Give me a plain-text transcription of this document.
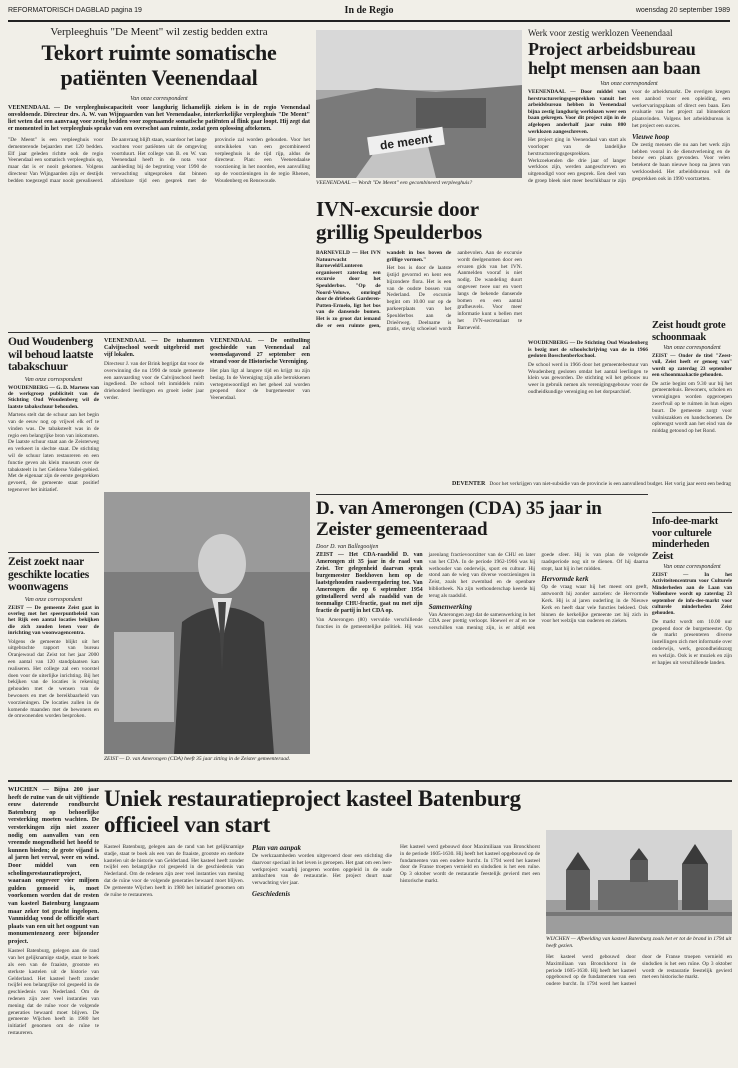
REFORMATORISCH DAGBLAD pagina 19	In de Regio	woensdag 20 september 1989
Verpleeghuis "De Meent" wil zestig bedden extra
Tekort ruimte somatische patiënten Veenendaal
Van onze correspondent
VEENENDAAL — De verpleeghuiscapaciteit voor langdurig lichamelijk zieken is in de regio Veenendaal onvoldoende. Directeur drs. A. W. van Wijngaarden van het Veenendaalse, interkerkelijke verpleeghuis "De Meent" liet weten dat een aanvraag voor zestig bedden voor zogenaamde somatische patiënten al flink gaar loopt. Hij zegt dat er momenteel in het verpleeghuis sprake van een overschot aan ruimte, zodat geen oplossing aftekenen.
"De Meent" is een verpleeghuis voor dementerende bejaarden met 120 bedden. Elf jaar geleden richtte ook de regio Veenendaal een somatisch verpleeghuis op, maar dat is er nooit gekomen. Volgens directeur Van Wijngaarden zijn er destijds bedden toegezegd maar nooit gerealiseerd. De aanvraag blijft staan, waardoor het lange wachten voor patiënten uit de omgeving voortduurt. Het college van B. en W. van Veenendaal heeft in de nota voor aanbieding bij de begroting voor 1990 de verwachting uitgesproken dat binnen afzienbare tijd een gesprek met de provincie zal worden gehouden. Voor het ontwikkelen van een gecombineerd verpleeghuis is de tijd rijp, aldus de directeur. Plan: een Veenendaalse voorziening in het noorden, een aanvulling op de voorzieningen in de regio Rhenen, Woudenberg en Renswoude.
Oud Woudenberg wil behoud laatste tabakschuur
Van onze correspondent
WOUDENBERG — G. D. Martens van de werkgroep publiciteit van de Stichting Oud Woudenberg wil de laatste tabakschuur behouden.
Martens stelt dat de schuur aan het begin van de eeuw nog op vrijwel elk erf te vinden was. De tabaksteelt was in de regio een belangrijke bron van inkomsten. De laatste schuur staat aan de Zeisterweg en verkeert in slechte staat. De stichting wil de schuur laten restaureren en een functie geven als klein museum over de tabaksteelt in het Gelderse Vallei-gebied. Met de eigenaar zijn de eerste gesprekken gevoerd, de gemeente staat positief tegenover het initiatief.
Zeist zoekt naar geschikte locaties woonwagens
Van onze correspondent
ZEIST — De gemeente Zeist gaat in overleg met het speerpuntbeleid van het Rijk een aantal locaties bekijken die zich zouden lenen voor de inrichting van woonwagencentra.
Volgens de gemeente blijkt uit het uitgebrachte rapport van bureau Oranjewoud dat Zeist tot het jaar 2000 een aantal van 120 standplaatsen kan realiseren. Het college zal een voorstel doen voor de uiterlijke inrichting. Bij het bekijken van de locaties is rekening gehouden met de wensen van de bewoners en met de bereikbaarheid van voorzieningen. De locaties zullen in de komende maanden met de bewoners en de omwonenden worden besproken.
VEENENDAAL — De inhammen Calvijnschool wordt uitgebreid met vijf lokalen.
Directeur J. van der Brink begrijpt dat voor de overwinning die nu 1990 de totale gemeente een aanvaarding voor de Calvijnschool heeft ingediend. De school telt inmiddels ruim driehonderd leerlingen en groeit ieder jaar verder.
VEENENDAAL — De onthulling geschiedde van Veenendaal zal woensdagavond 27 september een strand voor de Historische Vereniging.
Het plan ligt al langere tijd en krijgt nu zijn beslag. In de Vereniging zijn alle betrokkenen vertegenwoordigd en het geheel zal worden geopend door de burgemeester van Veenendaal.
ZEIST — D. van Amerongen (CDA) heeft 35 jaar zitting in de Zeister gemeenteraad.
de meent
VEENENDAAL — Wordt "De Meent" een gecombineerd verpleeghuis?
IVN-excursie door grillig Speulderbos
BARNEVELD — Het IVN Natuurwacht Barneveld/Lunteren organiseert zaterdag een excursie door het Speulderbos. "Op de Noord-Veluwe, omringd door de drieboek Garderen-Putten-Ermelo, ligt het bos van de dansende bomen. Het is zo groot dat iemand die er een ruimte geen, wandelt in bos boven de grillige vormen."
Het bos is door de laatste ijstijd gevormd en kent een bijzondere flora. Het is een van de oudste bossen van Nederland. De excursie begint om 10.00 uur op de parkeerplaats van het Speulderbos aan de Drieërweg. Deelname is gratis, stevig schoeisel wordt aanbevolen. Aan de excursie wordt deelgenomen door een ervaren gids van het IVN. Aanmelden vooraf is niet nodig. De wandeling duurt ongeveer twee uur en voert langs de bekende dansende bomen en een aantal grafheuvels. Voor meer informatie kunt u bellen met het IVN-secretariaat te Barneveld.
DEVENTER Door het verkrijgen van niet-subsidie van de provincie is een aanvullend budget. Het vorig jaar eerst een bedrag
Werk voor zestig werklozen Veenendaal
Project arbeidsbureau helpt mensen aan baan
Van onze correspondent
VEENENDAAL — Door middel van herstructureringsgesprekken vanuit het arbeidsbureau hebben in Veenendaal bijna zestig langdurig werklozen weer een baan gekregen. Voor dit project zijn in de afgelopen anderhalf jaar ruim 800 werklozen aangeschreven.
Het project ging in Veenendaal van start als voorloper van de landelijke herstructureringsgesprekken. Werkzoekenden die drie jaar of langer werkloos zijn, werden aangeschreven en uitgenodigd voor een gesprek. Een deel van de groep bleek niet meer beschikbaar te zijn voor de arbeidsmarkt. De overigen kregen een aanbod voor een opleiding, een werkervaringsplaats of direct een baan. Een evaluatie van het project zal binnenkort plaatsvinden. Volgens het arbeidsbureau is het project een succes.
Vieuwe hoop
De zestig mensen die nu aan het werk zijn hebben vooral in de dienstverlening en de bouw een plaats gevonden. Voor velen betekent de baan nieuwe hoop na jaren van werkloosheid. Het arbeidsbureau wil de gesprekken ook in 1990 voortzetten.
WOUDENBERG — De Stichting Oud Woudenberg is bezig met de schoolschrijving van de in 1966 gesloten Bosschenberkschool.
De school werd in 1966 door het gemeentebestuur van Woudenberg gesloten omdat het aantal leerlingen te klein was geworden. De stichting wil het gebouw nu weer in gebruik nemen als verenigingsgebouw voor de oudheidkundige vereniging en het dorpsarchief.
Zeist houdt grote schoonmaak
Van onze correspondent
ZEIST — Onder de titel "Zeest-vuil, Zeist heeft er genoeg van" wordt op zaterdag 23 september een schoonmaakactie gehouden.
De actie begint om 9.30 uur bij het gemeentehuis. Bewoners, scholen en verenigingen worden opgeroepen zwerfvuil op te ruimen in hun eigen buurt. De gemeente zorgt voor vuilniszakken en handschoenen. De opbrengst wordt aan het eind van de middag getoond op het Rond.
Info-dee-markt voor culturele minderheden Zeist
Van onze correspondent
ZEIST — In het Activiteitencentrum voor Culturele Minderheden aan de Laan van Vollenhove wordt op zaterdag 23 september de info-dee-markt voor culturele minderheden Zeist gehouden.
De markt wordt om 10.00 uur geopend door de burgemeester. Op de markt presenteren diverse instellingen zich met informatie over onderwijs, werk, gezondheidszorg en welzijn. Ook is er muziek en zijn er hapjes uit verschillende landen.
D. van Amerongen (CDA) 35 jaar in Zeister gemeenteraad
Door D. van Ballegooijen
ZEIST — Het CDA-raadslid D. van Amerongen zit 35 jaar in de raad van Zeist. Ter gelegenheid daarvan sprak burgemeester Boekhoven hem op de laatstgehouden raadsvergadering toe. Van Amerongen die op 6 september 1954 geïnstalleerd werd als raadslid van de toenmalige CHU-fractie, gaat nu met zijn fractie de partij in het CDA op.
Van Amerongen (80) vervulde verschillende functies in de gemeentelijke politiek. Hij was jarenlang fractievoorzitter van de CHU en later van het CDA. In de periode 1962-1966 was hij wethouder van onderwijs, sport en cultuur. Hij stond aan de wieg van diverse voorzieningen in Zeist, zoals het zwembad en de openbare bibliotheek. Na zijn wethouderschap keerde hij terug als raadslid.
Samenwerking
Van Amerongen zegt dat de samenwerking in het CDA zeer prettig verloopt. Hoewel er af en toe verschillen van mening zijn, is er altijd een goede sfeer. Hij is van plan de volgende raadsperiode nog uit te dienen. Of hij daarna stopt, laat hij in het midden.
Hervormde kerk
Op de vraag waar hij het meest om geeft, antwoordt hij zonder aarzelen: de Hervormde Kerk. Hij is al jaren ouderling in de Nieuwe Kerk en heeft daar vele functies bekleed. Ook binnen de kerkelijke gemeente zet hij zich in voor het welzijn van ouderen en zieken.
WIJCHEN — Bijna 200 jaar heeft de ruïne van de uit vijftiende eeuw daterende rondburcht Batenburg op behoorlijke versterking moeten wachten. De versterkingen zijn niet zozeer nodig om aanvallen van een vreemde mogendheid het hoofd te kunnen bieden; de grote vijand is al jaren het verval, weer en wind. Door middel van een scholingsrestauratieproject, waaraan ongeveer vier miljoen gulden gemoeid is, moet voorkomen worden dat de resten van kasteel Batenburg langzaam maar zeker tot gracht ingelopen. Vanmiddag vond de officiële start plaats van een uit het oogpunt van monumentenzorg zeer bijzonder project.
Kasteel Batenburg, gelegen aan de rand van het gelijknamige stadje, staat te boek als een van de fraaiste, grootste en sterkste kastelen uit de historie van Gelderland. Het kasteel heeft zonder twijfel een belangrijke rol gespeeld in de geschiedenis van Nederland. Om de redenen zijn zeer veel instanties van mening dat de ruïne voor de volgende generaties bewaard moet blijven. De gemeente Wijchen heeft in 1980 het initiatief genomen om de ruïne te restaureren.
Uniek restauratieproject kasteel Batenburg officieel van start
Kasteel Batenburg, gelegen aan de rand van het gelijknamige stadje, staat te boek als een van de fraaiste, grootste en sterkste kastelen uit de historie van Gelderland. Het kasteel heeft zonder twijfel een belangrijke rol gespeeld in de geschiedenis van Nederland. Om de redenen zijn zeer veel instanties van mening dat de ruïne voor de volgende generaties bewaard moet blijven. De gemeente Wijchen heeft in 1980 het initiatief genomen om de ruïne te restaureren.
Plan van aanpak
De werkzaamheden worden uitgevoerd door een stichting die daarvoor speciaal in het leven is geroepen. Het gaat om een leer-werkproject waarbij jongeren worden opgeleid in de oude ambachten van de restauratie. Het project duurt naar verwachting vier jaar.
Geschiedenis
Het kasteel werd gebouwd door Maximiliaan van Bronckhorst in de periode 1605-1630. Hij heeft het kasteel opgebouwd op de fundamenten van een oudere burcht. In 1794 werd het kasteel door de Franse troepen vernield en sindsdien is het een ruïne. Op 3 oktober wordt de restauratie feestelijk gevierd met een historische markt.
WIJCHEN — Afbeelding van kasteel Batenburg zoals het er tot de brand in 1794 uit heeft gezien.
Het kasteel werd gebouwd door Maximiliaan van Bronckhorst in de periode 1605-1630. Hij heeft het kasteel opgebouwd op de fundamenten van een oudere burcht. In 1794 werd het kasteel door de Franse troepen vernield en sindsdien is het een ruïne. Op 3 oktober wordt de restauratie feestelijk gevierd met een historische markt.
